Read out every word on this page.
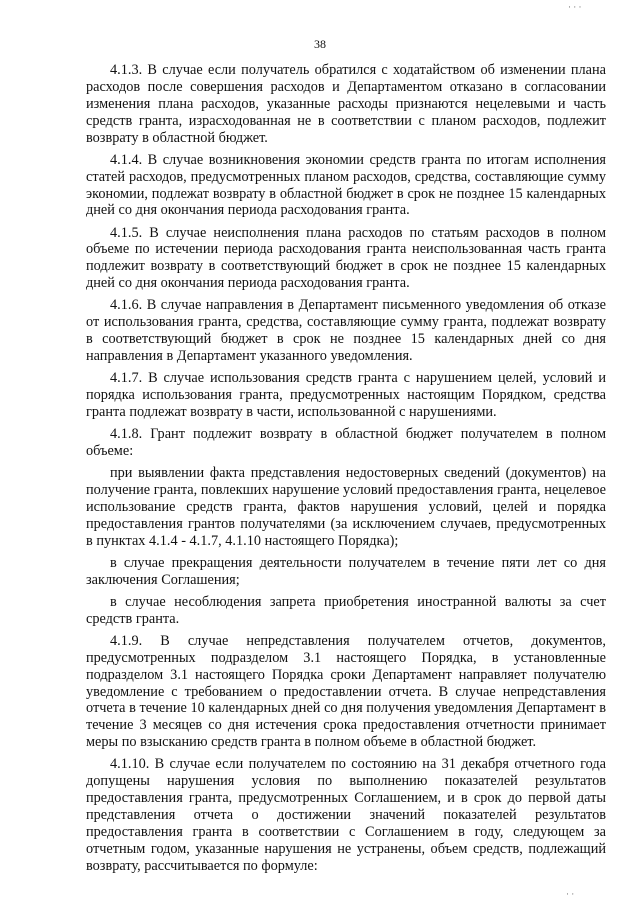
· · ·
38

4.1.3. В случае если получатель обратился с ходатайством об изменении плана расходов после совершения расходов и Департаментом отказано в согласовании изменения плана расходов, указанные расходы признаются нецелевыми и часть средств гранта, израсходованная не в соответствии с планом расходов, подлежит возврату в областной бюджет.

4.1.4. В случае возникновения экономии средств гранта по итогам исполнения статей расходов, предусмотренных планом расходов, средства, составляющие сумму экономии, подлежат возврату в областной бюджет в срок не позднее 15 календарных дней со дня окончания периода расходования гранта.

4.1.5. В случае неисполнения плана расходов по статьям расходов в полном объеме по истечении периода расходования гранта неиспользованная часть гранта подлежит возврату в соответствующий бюджет в срок не позднее 15 календарных дней со дня окончания периода расходования гранта.

4.1.6. В случае направления в Департамент письменного уведомления об отказе от использования гранта, средства, составляющие сумму гранта, подлежат возврату в соответствующий бюджет в срок не позднее 15 календарных дней со дня направления в Департамент указанного уведомления.

4.1.7. В случае использования средств гранта с нарушением целей, условий и порядка использования гранта, предусмотренных настоящим Порядком, средства гранта подлежат возврату в части, использованной с нарушениями.

4.1.8. Грант подлежит возврату в областной бюджет получателем в полном объеме:

при выявлении факта представления недостоверных сведений (документов) на получение гранта, повлекших нарушение условий предоставления гранта, нецелевое использование средств гранта, фактов нарушения условий, целей и порядка предоставления грантов получателями (за исключением случаев, предусмотренных в пунктах 4.1.4 - 4.1.7, 4.1.10 настоящего Порядка);

в случае прекращения деятельности получателем в течение пяти лет со дня заключения Соглашения;

в случае несоблюдения запрета приобретения иностранной валюты за счет средств гранта.

4.1.9. В случае непредставления получателем отчетов, документов, предусмотренных подразделом 3.1 настоящего Порядка, в установленные подразделом 3.1 настоящего Порядка сроки Департамент направляет получателю уведомление с требованием о предоставлении отчета. В случае непредставления отчета в течение 10 календарных дней со дня получения уведомления Департамент в течение 3 месяцев со дня истечения срока предоставления отчетности принимает меры по взысканию средств гранта в полном объеме в областной бюджет.

4.1.10. В случае если получателем по состоянию на 31 декабря отчетного года допущены нарушения условия по выполнению показателей результатов предоставления гранта, предусмотренных Соглашением, и в срок до первой даты представления отчета о достижении значений показателей результатов предоставления гранта в соответствии с Соглашением в году, следующем за отчетным годом, указанные нарушения не устранены, объем средств, подлежащий возврату, рассчитывается по формуле:

· ·
